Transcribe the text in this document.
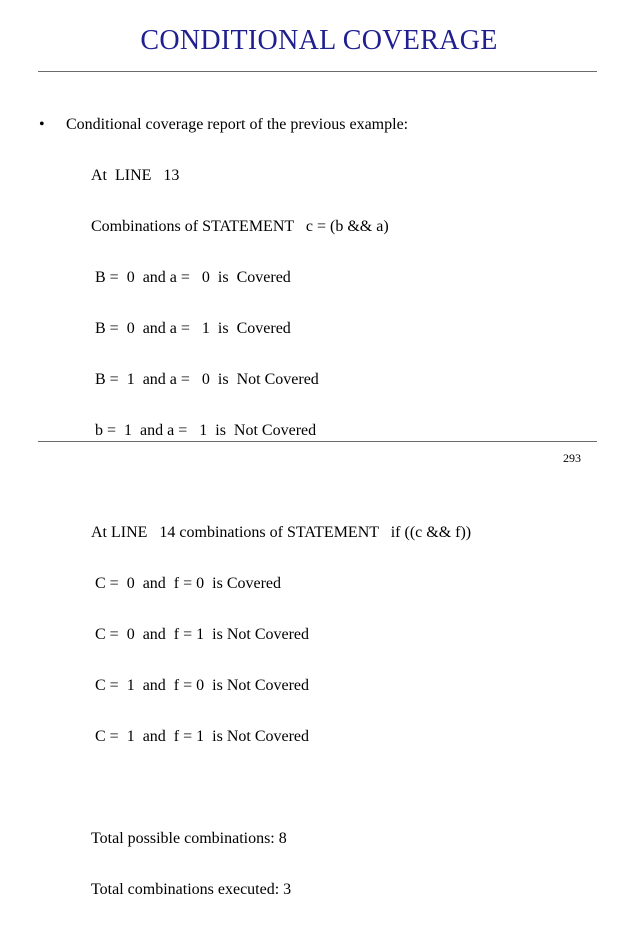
CONDITIONAL COVERAGE
• Conditional coverage report of the previous example:

At  LINE   13

Combinations of STATEMENT   c = (b && a)

B =  0  and a =   0  is  Covered

B =  0  and a =   1  is  Covered

B =  1  and a =   0  is  Not Covered

b =  1  and a =   1  is  Not Covered

At LINE   14 combinations of STATEMENT   if ((c && f))

C =  0  and  f = 0  is Covered

C =  0  and  f = 1  is Not Covered

C =  1  and  f = 0  is Not Covered

C =  1  and  f = 1  is Not Covered

Total possible combinations: 8

Total combinations executed: 3

293
